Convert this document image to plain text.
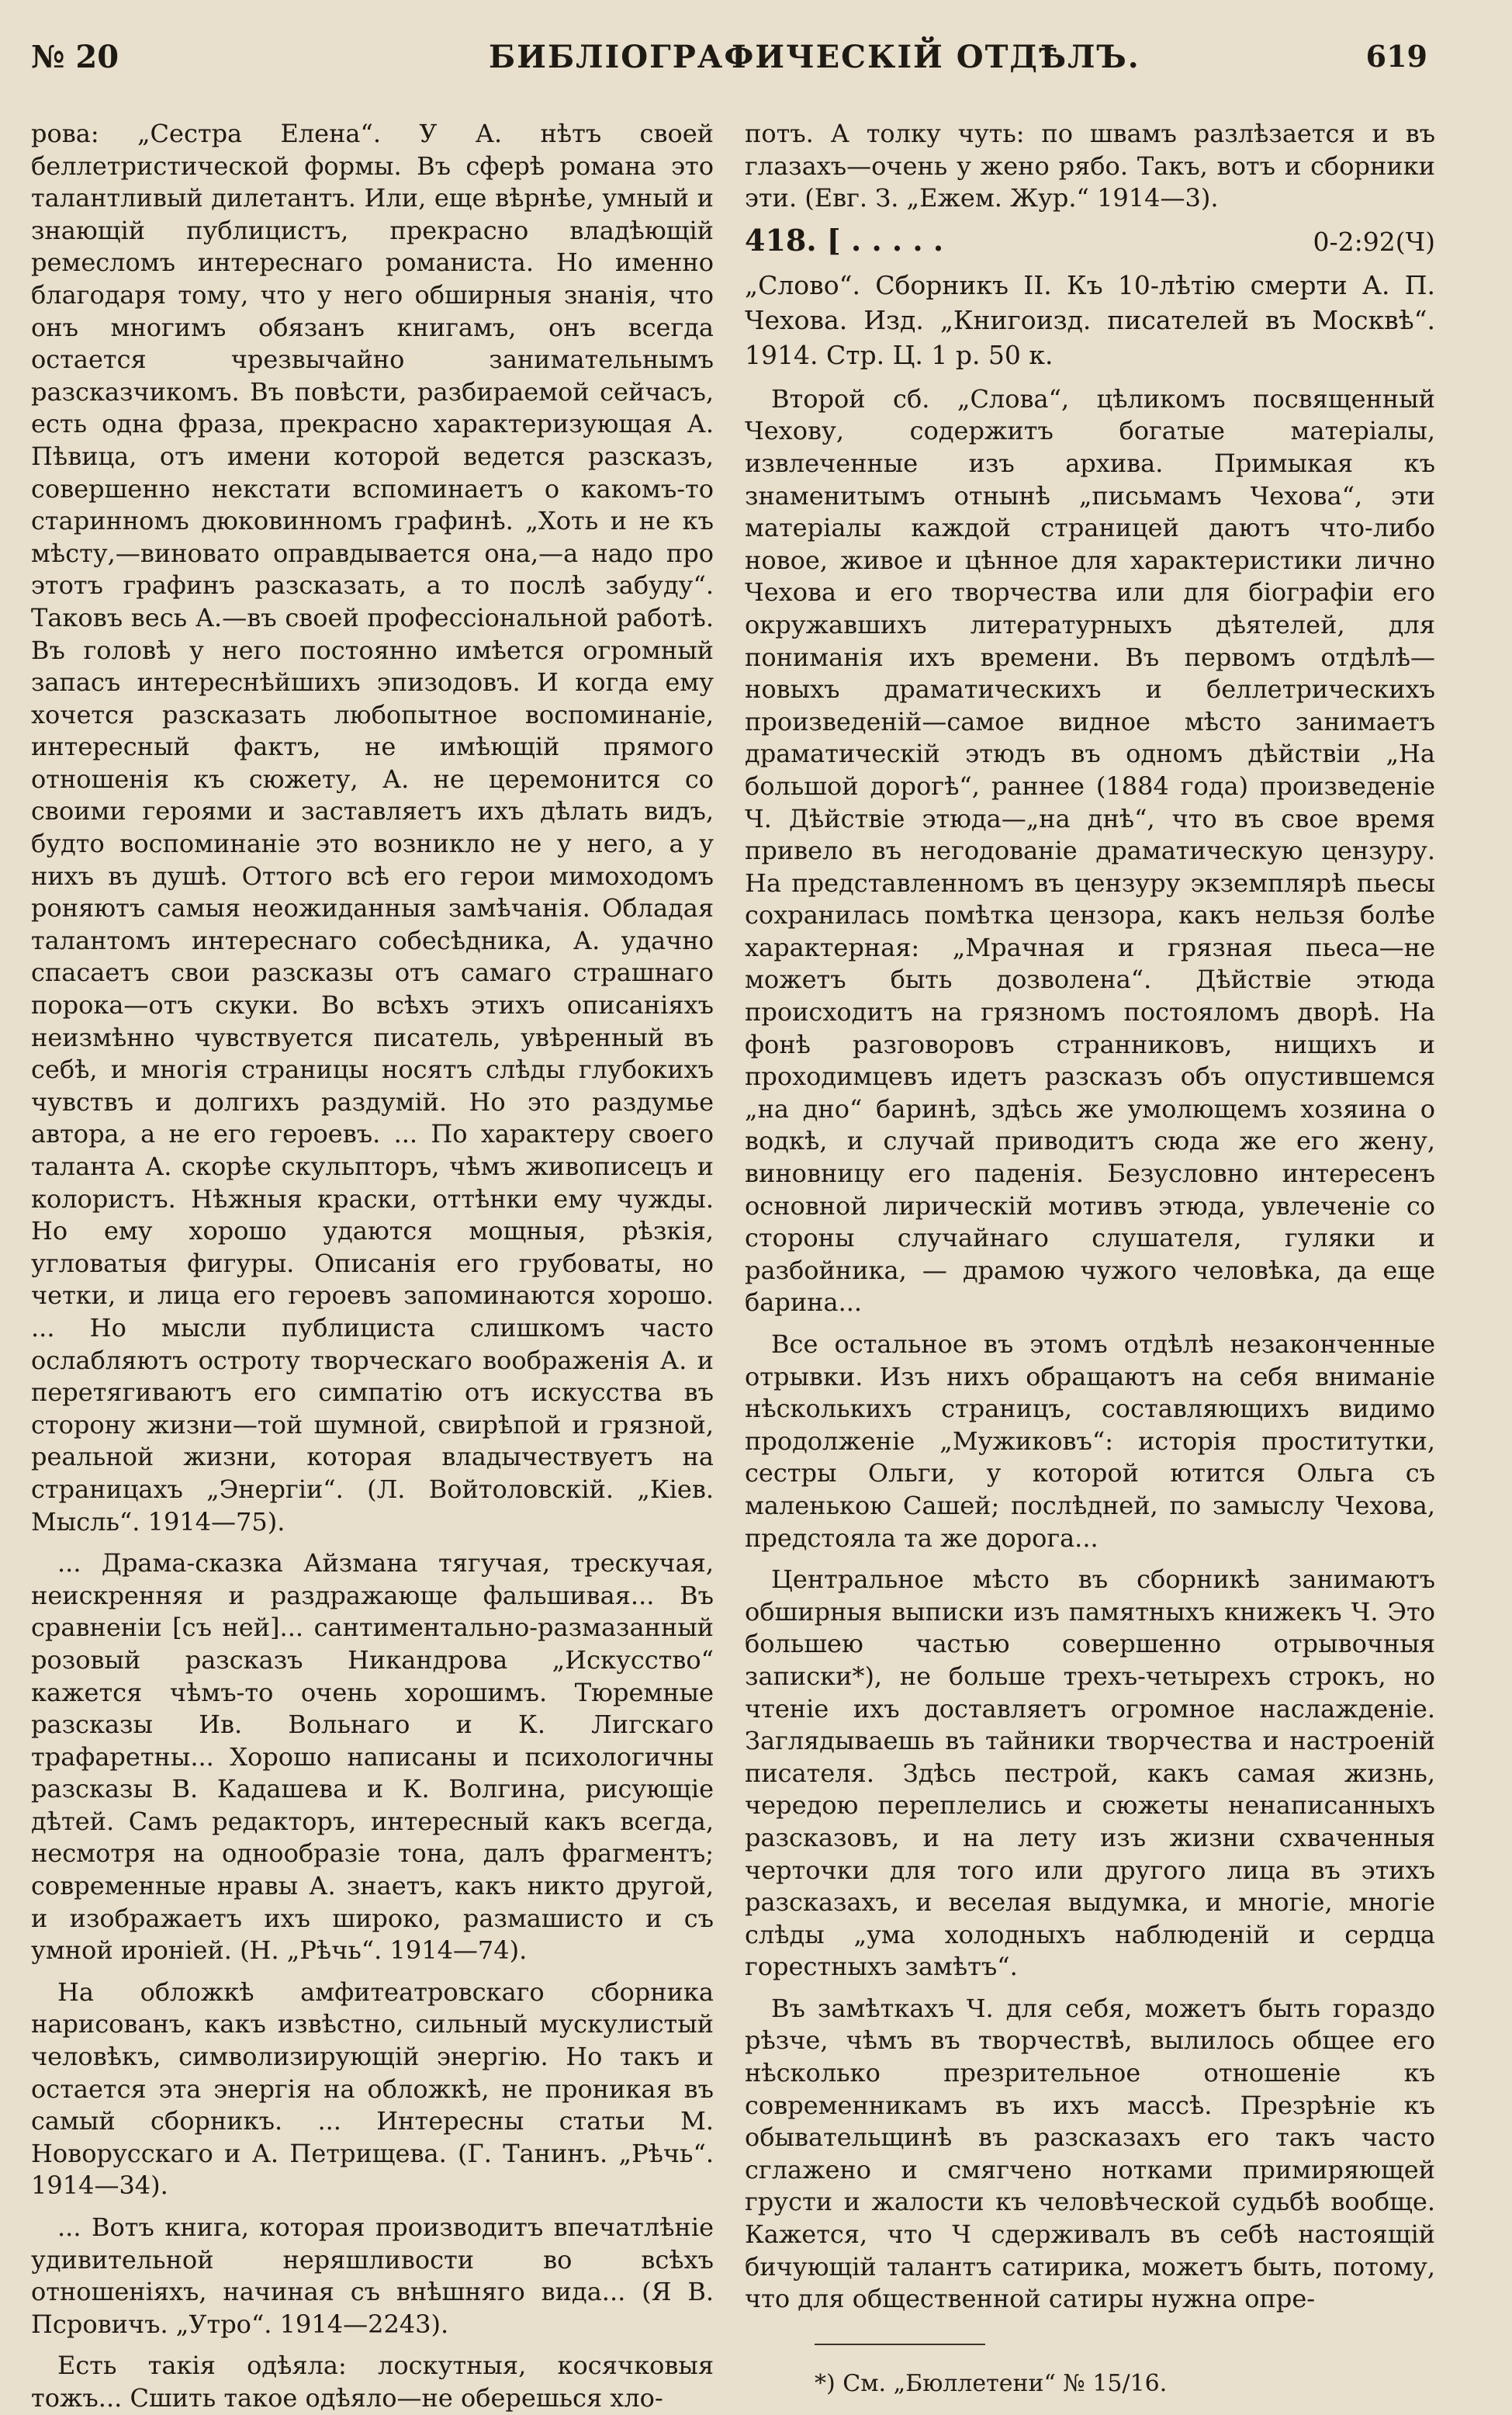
№ 20	БИБЛІОГРАФИЧЕСКІЙ ОТДѢЛЪ.	619

рова: „Сестра Елена“. У А. нѣтъ своей беллетристической формы. Въ сферѣ романа это талантливый дилетантъ. Или, еще вѣрнѣе, умный и знающій публицистъ, прекрасно владѣющій ремесломъ интереснаго романиста. Но именно благодаря тому, что у него обширныя знанія, что онъ многимъ обязанъ книгамъ, онъ всегда остается чрезвычайно занимательнымъ разсказчикомъ. Въ повѣсти, разбираемой сейчасъ, есть одна фраза, прекрасно характеризующая А. Пѣвица, отъ имени которой ведется разсказъ, совершенно некстати вспоминаетъ о какомъ-то старинномъ дюковинномъ графинѣ. „Хоть и не къ мѣсту,—виновато оправдывается она,—а надо про этотъ графинъ разсказать, а то послѣ забуду“. Таковъ весь А.—въ своей профессіональной работѣ. Въ головѣ у него постоянно имѣется огромный запасъ интереснѣйшихъ эпизодовъ. И когда ему хочется разсказать любопытное воспоминаніе, интересный фактъ, не имѣющій прямого отношенія къ сюжету, А. не церемонится со своими героями и заставляетъ ихъ дѣлать видъ, будто воспоминаніе это возникло не у него, а у нихъ въ душѣ. Оттого всѣ его герои мимоходомъ роняютъ самыя неожиданныя замѣчанія. Обладая талантомъ интереснаго собесѣдника, А. удачно спасаетъ свои разсказы отъ самаго страшнаго порока—отъ скуки. Во всѣхъ этихъ описаніяхъ неизмѣнно чувствуется писатель, увѣренный въ себѣ, и многія страницы носятъ слѣды глубокихъ чувствъ и долгихъ раздумій. Но это раздумье автора, а не его героевъ. ... По характеру своего таланта А. скорѣе скульпторъ, чѣмъ живописецъ и колористъ. Нѣжныя краски, оттѣнки ему чужды. Но ему хорошо удаются мощныя, рѣзкія, угловатыя фигуры. Описанія его грубоваты, но четки, и лица его героевъ запоминаются хорошо. ... Но мысли публициста слишкомъ часто ослабляютъ остроту творческаго воображенія А. и перетягиваютъ его симпатію отъ искусства въ сторону жизни—той шумной, свирѣпой и грязной, реальной жизни, которая владычествуетъ на страницахъ „Энергіи“. (Л. Войтоловскій. „Кіев. Мысль“. 1914—75).

... Драма-сказка Айзмана тягучая, трескучая, неискренняя и раздражающе фальшивая... Въ сравненіи [съ ней]... сантиментально-размазанный розовый разсказъ Никандрова „Искусство“ кажется чѣмъ-то очень хорошимъ. Тюремные разсказы Ив. Вольнаго и К. Лигскаго трафаретны... Хорошо написаны и психологичны разсказы В. Кадашева и К. Волгина, рисующіе дѣтей. Самъ редакторъ, интересный какъ всегда, несмотря на однообразіе тона, далъ фрагментъ; современные нравы А. знаетъ, какъ никто другой, и изображаетъ ихъ широко, размашисто и съ умной ироніей. (Н. „Рѣчь“. 1914—74).

На обложкѣ амфитеатровскаго сборника нарисованъ, какъ извѣстно, сильный мускулистый человѣкъ, символизирующій энергію. Но такъ и остается эта энергія на обложкѣ, не проникая въ самый сборникъ. ... Интересны статьи М. Новорусскаго и А. Петрищева. (Г. Танинъ. „Рѣчь“. 1914—34).

... Вотъ книга, которая производитъ впечатлѣніе удивительной неряшливости во всѣхъ отношеніяхъ, начиная съ внѣшняго вида... (Я В. Псровичъ. „Утро“. 1914—2243).

Есть такія одѣяла: лоскутныя, косячковыя тожъ... Сшить такое одѣяло—не оберешься хло-

потъ. А толку чуть: по швамъ разлѣзается и въ глазахъ—очень у жено рябо. Такъ, вотъ и сборники эти. (Евг. З. „Ежем. Жур.“ 1914—3).

418. [ . . . . .	0-2:92(Ч)

„Слово“. Сборникъ II. Къ 10-лѣтію смерти А. П. Чехова. Изд. „Книгоизд. писателей въ Москвѣ“. 1914. Стр. Ц. 1 р. 50 к.

Второй сб. „Слова“, цѣликомъ посвященный Чехову, содержитъ богатые матеріалы, извлеченные изъ архива. Примыкая къ знаменитымъ отнынѣ „письмамъ Чехова“, эти матеріалы каждой страницей даютъ что-либо новое, живое и цѣнное для характеристики лично Чехова и его творчества или для біографіи его окружавшихъ литературныхъ дѣятелей, для пониманія ихъ времени. Въ первомъ отдѣлѣ—новыхъ драматическихъ и беллетрическихъ произведеній—самое видное мѣсто занимаетъ драматическій этюдъ въ одномъ дѣйствіи „На большой дорогѣ“, раннее (1884 года) произведеніе Ч. Дѣйствіе этюда—„на днѣ“, что въ свое время привело въ негодованіе драматическую цензуру. На представленномъ въ цензуру экземплярѣ пьесы сохранилась помѣтка цензора, какъ нельзя болѣе характерная: „Мрачная и грязная пьеса—не можетъ быть дозволена“. Дѣйствіе этюда происходитъ на грязномъ постояломъ дворѣ. На фонѣ разговоровъ странниковъ, нищихъ и проходимцевъ идетъ разсказъ объ опустившемся „на дно“ баринѣ, здѣсь же умолющемъ хозяина о водкѣ, и случай приводитъ сюда же его жену, виновницу его паденія. Безусловно интересенъ основной лирическій мотивъ этюда, увлеченіе со стороны случайнаго слушателя, гуляки и разбойника, — драмою чужого человѣка, да еще барина...

Все остальное въ этомъ отдѣлѣ незаконченные отрывки. Изъ нихъ обращаютъ на себя вниманіе нѣсколькихъ страницъ, составляющихъ видимо продолженіе „Мужиковъ“: исторія проститутки, сестры Ольги, у которой ютится Ольга съ маленькою Сашей; послѣдней, по замыслу Чехова, предстояла та же дорога...

Центральное мѣсто въ сборникѣ занимаютъ обширныя выписки изъ памятныхъ книжекъ Ч. Это большею частью совершенно отрывочныя записки*), не больше трехъ-четырехъ строкъ, но чтеніе ихъ доставляетъ огромное наслажденіе. Заглядываешь въ тайники творчества и настроеній писателя. Здѣсь пестрой, какъ самая жизнь, чередою переплелись и сюжеты ненаписанныхъ разсказовъ, и на лету изъ жизни схваченныя черточки для того или другого лица въ этихъ разсказахъ, и веселая выдумка, и многіе, многіе слѣды „ума холодныхъ наблюденій и сердца горестныхъ замѣтъ“.

Въ замѣткахъ Ч. для себя, можетъ быть гораздо рѣзче, чѣмъ въ творчествѣ, вылилось общее его нѣсколько презрительное отношеніе къ современникамъ въ ихъ массѣ. Презрѣніе къ обывательщинѣ въ разсказахъ его такъ часто сглажено и смягчено нотками примиряющей грусти и жалости къ человѣческой судьбѣ вообще. Кажется, что Ч сдерживалъ въ себѣ настоящій бичующій талантъ сатирика, можетъ быть, потому, что для общественной сатиры нужна опре-

*) См. „Бюллетени“ № 15/16.
